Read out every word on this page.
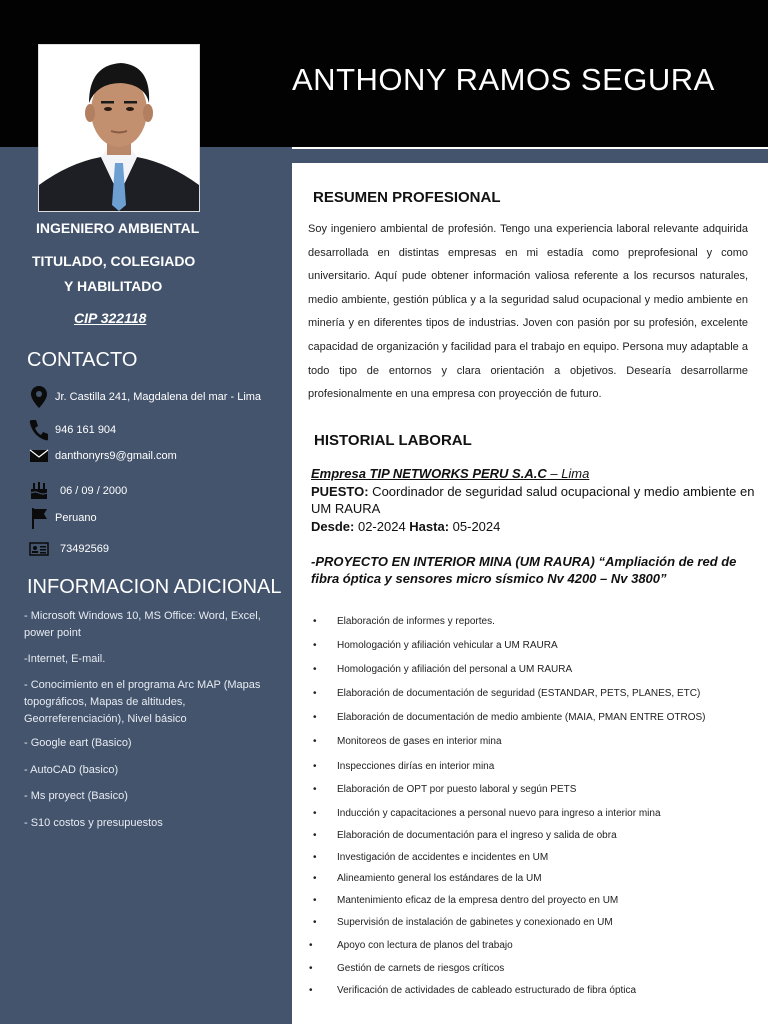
ANTHONY RAMOS SEGURA
INGENIERO AMBIENTAL
TITULADO, COLEGIADO
Y HABILITADO
CIP 322118
CONTACTO
Jr. Castilla 241, Magdalena del mar - Lima
946 161 904
danthonyrs9@gmail.com
06 / 09 / 2000
Peruano
73492569
INFORMACION ADICIONAL
- Microsoft Windows 10, MS Office: Word, Excel, power point
-Internet, E-mail.
- Conocimiento en el programa Arc MAP (Mapas topográficos, Mapas de altitudes, Georreferenciación), Nivel básico
- Google eart (Basico)
- AutoCAD (basico)
- Ms proyect (Basico)
- S10 costos y presupuestos
RESUMEN PROFESIONAL
Soy ingeniero ambiental de profesión. Tengo una experiencia laboral relevante adquirida desarrollada en distintas empresas en mi estadía como preprofesional y como universitario. Aquí pude obtener información valiosa referente a los recursos naturales, medio ambiente, gestión pública y a la seguridad salud ocupacional y medio ambiente en minería y en diferentes tipos de industrias. Joven con pasión por su profesión, excelente capacidad de organización y facilidad para el trabajo en equipo. Persona muy adaptable a todo tipo de entornos y clara orientación a objetivos. Desearía desarrollarme profesionalmente en una empresa con proyección de futuro.
HISTORIAL LABORAL
Empresa TIP NETWORKS PERU S.A.C – Lima
PUESTO: Coordinador de seguridad salud ocupacional y medio ambiente en
UM RAURA
Desde: 02-2024 Hasta: 05-2024
-PROYECTO EN INTERIOR MINA (UM RAURA) “Ampliación de red de fibra óptica y sensores micro sísmico Nv 4200 – Nv 3800”
•	Elaboración de informes y reportes.
•	Homologación y afiliación vehicular a UM RAURA
•	Homologación y afiliación del personal a UM RAURA
•	Elaboración de documentación de seguridad (ESTANDAR, PETS, PLANES, ETC)
•	Elaboración de documentación de medio ambiente (MAIA, PMAN ENTRE OTROS)
•	Monitoreos de gases en interior mina
•	Inspecciones dirías en interior mina
•	Elaboración de OPT por puesto laboral y según PETS
•	Inducción y capacitaciones a personal nuevo para ingreso a interior mina
•	Elaboración de documentación para el ingreso y salida de obra
•	Investigación de accidentes e incidentes en UM
•	Alineamiento general los estándares de la UM
•	Mantenimiento eficaz de la empresa dentro del proyecto en UM
•	Supervisión de instalación de gabinetes y conexionado en UM
•	Apoyo con lectura de planos del trabajo
•	Gestión de carnets de riesgos críticos
•	Verificación de actividades de cableado estructurado de fibra óptica
